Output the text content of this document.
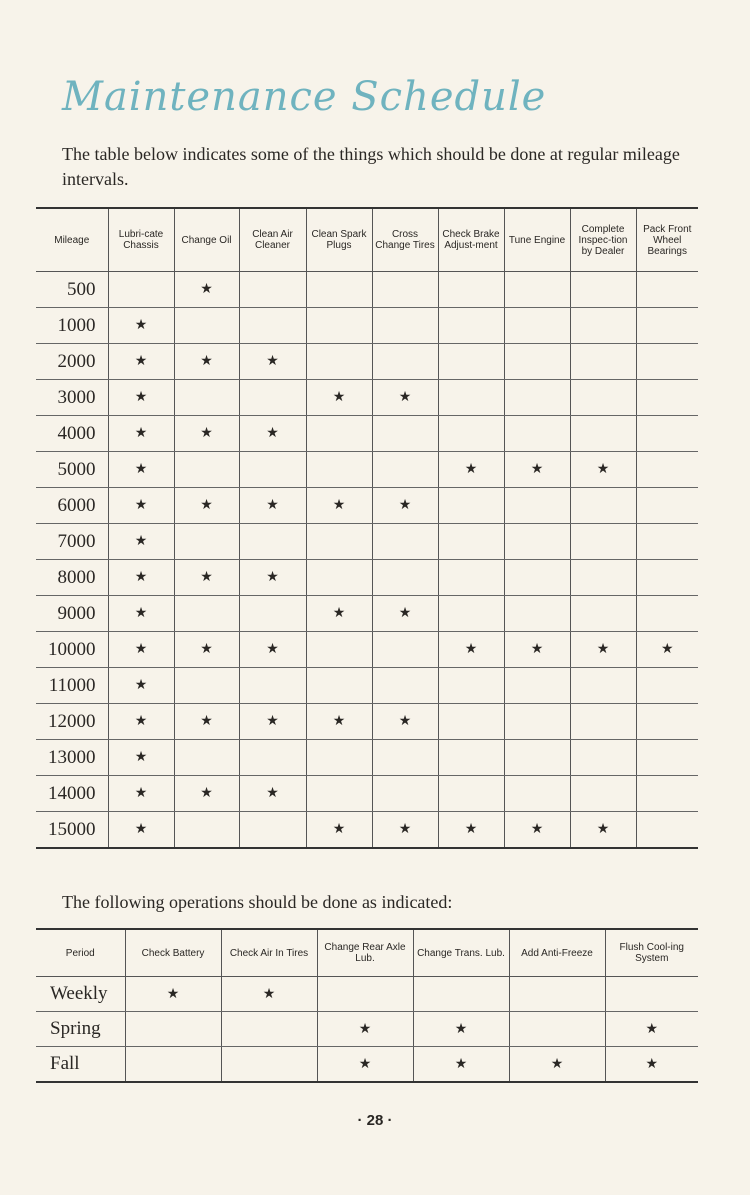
Maintenance Schedule
The table below indicates some of the things which should be done at regular mileage intervals.
Mileage	Lubri-cate Chassis	Change Oil	Clean Air Cleaner	Clean Spark Plugs	Cross Change Tires	Check Brake Adjust-ment	Tune Engine	Complete Inspec-tion by Dealer	Pack Front Wheel Bearings
500		★							
1000	★								
2000	★	★	★						
3000	★			★	★				
4000	★	★	★						
5000	★					★	★	★	
6000	★	★	★	★	★				
7000	★								
8000	★	★	★						
9000	★			★	★				
10000	★	★	★			★	★	★	★
11000	★								
12000	★	★	★	★	★				
13000	★								
14000	★	★	★						
15000	★			★	★	★	★	★	
The following operations should be done as indicated:
Period	Check Battery	Check Air In Tires	Change Rear Axle Lub.	Change Trans. Lub.	Add Anti-Freeze	Flush Cool-ing System
Weekly	★	★				
Spring			★	★		★
Fall			★	★	★	★
· 28 ·
